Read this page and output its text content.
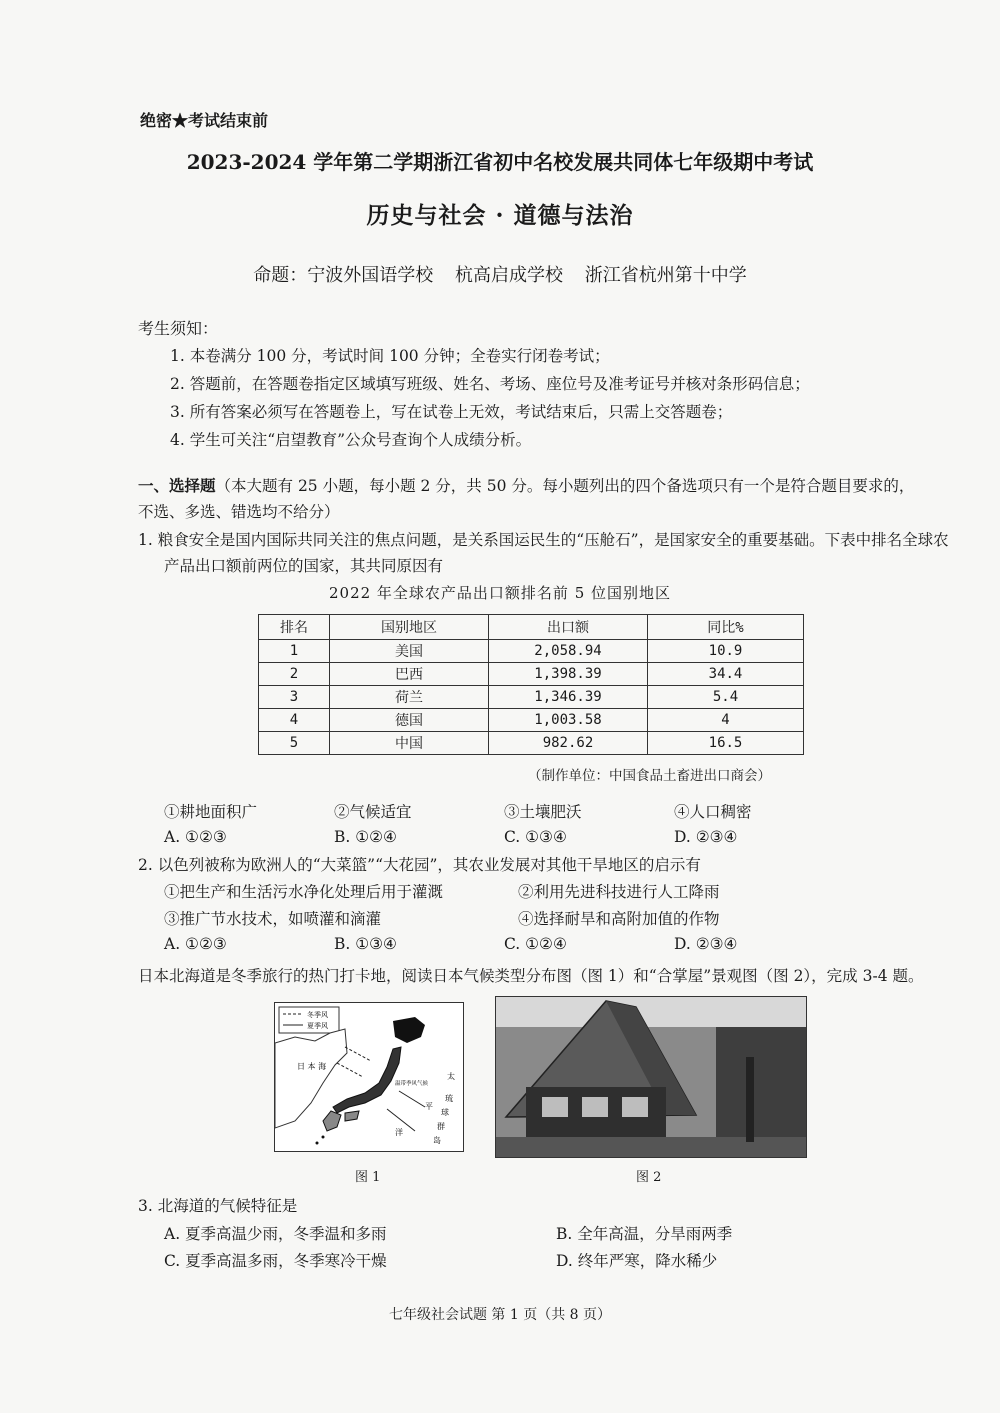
绝密★考试结束前
2023-2024 学年第二学期浙江省初中名校发展共同体七年级期中考试
历史与社会 · 道德与法治
命题：宁波外国语学校 杭高启成学校 浙江省杭州第十中学
考生须知：
1. 本卷满分 100 分，考试时间 100 分钟；全卷实行闭卷考试；
2. 答题前，在答题卷指定区域填写班级、姓名、考场、座位号及准考证号并核对条形码信息；
3. 所有答案必须写在答题卷上，写在试卷上无效，考试结束后，只需上交答题卷；
4. 学生可关注“启望教育”公众号查询个人成绩分析。
一、选择题（本大题有 25 小题，每小题 2 分，共 50 分。每小题列出的四个备选项只有一个是符合题目要求的，不选、多选、错选均不给分）
1. 粮食安全是国内国际共同关注的焦点问题，是关系国运民生的“压舱石”，是国家安全的重要基础。下表中排名全球农产品出口额前两位的国家，其共同原因有
2022 年全球农产品出口额排名前 5 位国别地区
排名	国别地区	出口额	同比%
1	美国	2,058.94	10.9
2	巴西	1,398.39	34.4
3	荷兰	1,346.39	5.4
4	德国	1,003.58	4
5	中国	982.62	16.5
（制作单位：中国食品土畜进出口商会）
①耕地面积广	②气候适宜	③土壤肥沃	④人口稠密
A. ①②③	B. ①②④	C. ①③④	D. ②③④
2. 以色列被称为欧洲人的“大菜篮”“大花园”，其农业发展对其他干旱地区的启示有
①把生产和生活污水净化处理后用于灌溉	②利用先进科技进行人工降雨
③推广节水技术，如喷灌和滴灌	④选择耐旱和高附加值的作物
A. ①②③	B. ①③④	C. ①②④	D. ②③④
日本北海道是冬季旅行的热门打卡地，阅读日本气候类型分布图（图 1）和“合掌屋”景观图（图 2），完成 3-4 题。
冬季风
夏季风
日 本 海
温带季风气候
太
平
洋
琉
球
群
岛
图 1	图 2
3. 北海道的气候特征是
A. 夏季高温少雨，冬季温和多雨	B. 全年高温，分旱雨两季
C. 夏季高温多雨，冬季寒冷干燥	D. 终年严寒，降水稀少
七年级社会试题 第 1 页（共 8 页）
